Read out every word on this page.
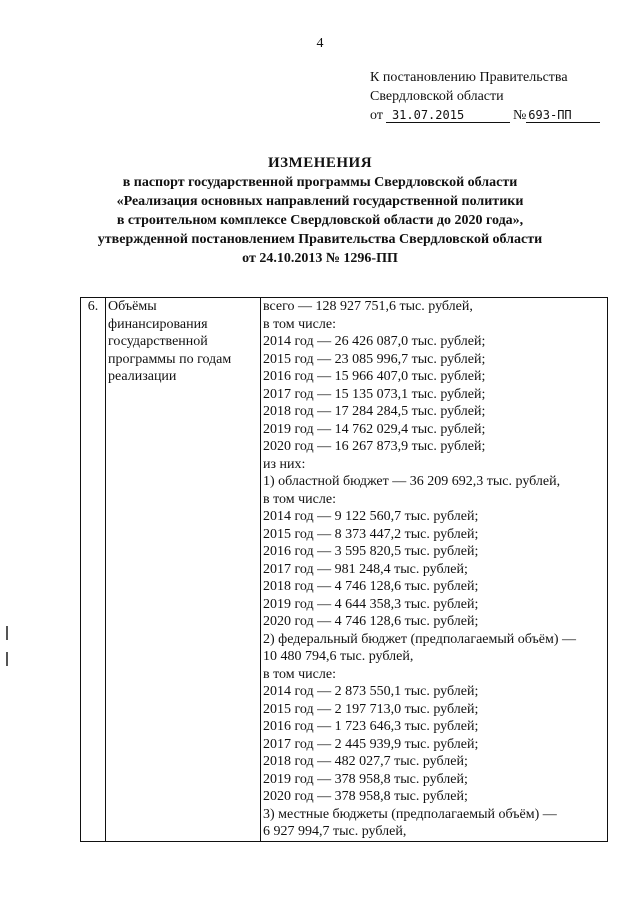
4
К постановлению Правительства
Свердловской области
от 31.07.2015	№ 693-ПП
ИЗМЕНЕНИЯ
в паспорт государственной программы Свердловской области
«Реализация основных направлений государственной политики
в строительном комплексе Свердловской области до 2020 года»,
утвержденной постановлением Правительства Свердловской области
от 24.10.2013 № 1296-ПП
6.	Объёмы финансирования государственной программы по годам реализации	
всего — 128 927 751,6 тыс. рублей,
в том числе:
2014 год — 26 426 087,0 тыс. рублей;
2015 год — 23 085 996,7 тыс. рублей;
2016 год — 15 966 407,0 тыс. рублей;
2017 год — 15 135 073,1 тыс. рублей;
2018 год — 17 284 284,5 тыс. рублей;
2019 год — 14 762 029,4 тыс. рублей;
2020 год — 16 267 873,9 тыс. рублей;
из них:
1) областной бюджет — 36 209 692,3 тыс. рублей,
в том числе:
2014 год — 9 122 560,7 тыс. рублей;
2015 год — 8 373 447,2 тыс. рублей;
2016 год — 3 595 820,5 тыс. рублей;
2017 год — 981 248,4 тыс. рублей;
2018 год — 4 746 128,6 тыс. рублей;
2019 год — 4 644 358,3 тыс. рублей;
2020 год — 4 746 128,6 тыс. рублей;
2) федеральный бюджет (предполагаемый объём) —
10 480 794,6 тыс. рублей,
в том числе:
2014 год — 2 873 550,1 тыс. рублей;
2015 год — 2 197 713,0 тыс. рублей;
2016 год — 1 723 646,3 тыс. рублей;
2017 год — 2 445 939,9 тыс. рублей;
2018 год — 482 027,7 тыс. рублей;
2019 год — 378 958,8 тыс. рублей;
2020 год — 378 958,8 тыс. рублей;
3) местные бюджеты (предполагаемый объём) —
6 927 994,7 тыс. рублей,
